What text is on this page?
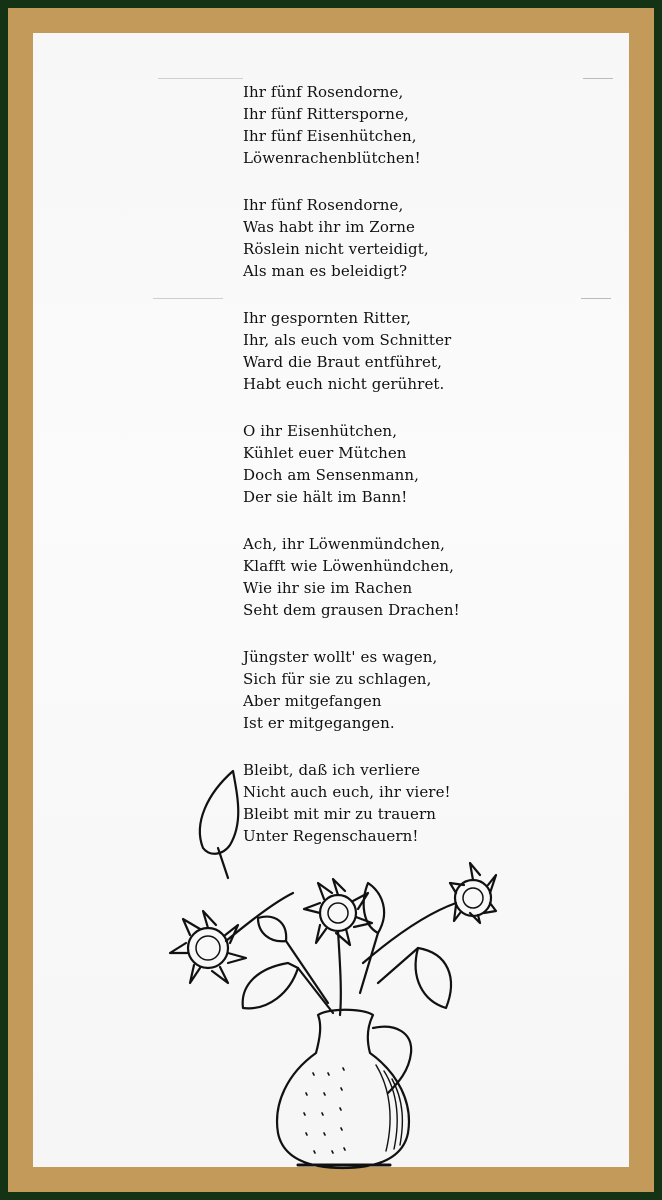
Ihr fünf Rosendorne,
Ihr fünf Rittersporne,
Ihr fünf Eisenhütchen,
Löwenrachenblütchen!
Ihr fünf Rosendorne,
Was habt ihr im Zorne
Röslein nicht verteidigt,
Als man es beleidigt?
Ihr gespornten Ritter,
Ihr, als euch vom Schnitter
Ward die Braut entführet,
Habt euch nicht gerühret.
O ihr Eisenhütchen,
Kühlet euer Mütchen
Doch am Sensenmann,
Der sie hält im Bann!
Ach, ihr Löwenmündchen,
Klafft wie Löwenhündchen,
Wie ihr sie im Rachen
Seht dem grausen Drachen!
Jüngster wollt' es wagen,
Sich für sie zu schlagen,
Aber mitgefangen
Ist er mitgegangen.
Bleibt, daß ich verliere
Nicht auch euch, ihr viere!
Bleibt mit mir zu trauern
Unter Regenschauern!
